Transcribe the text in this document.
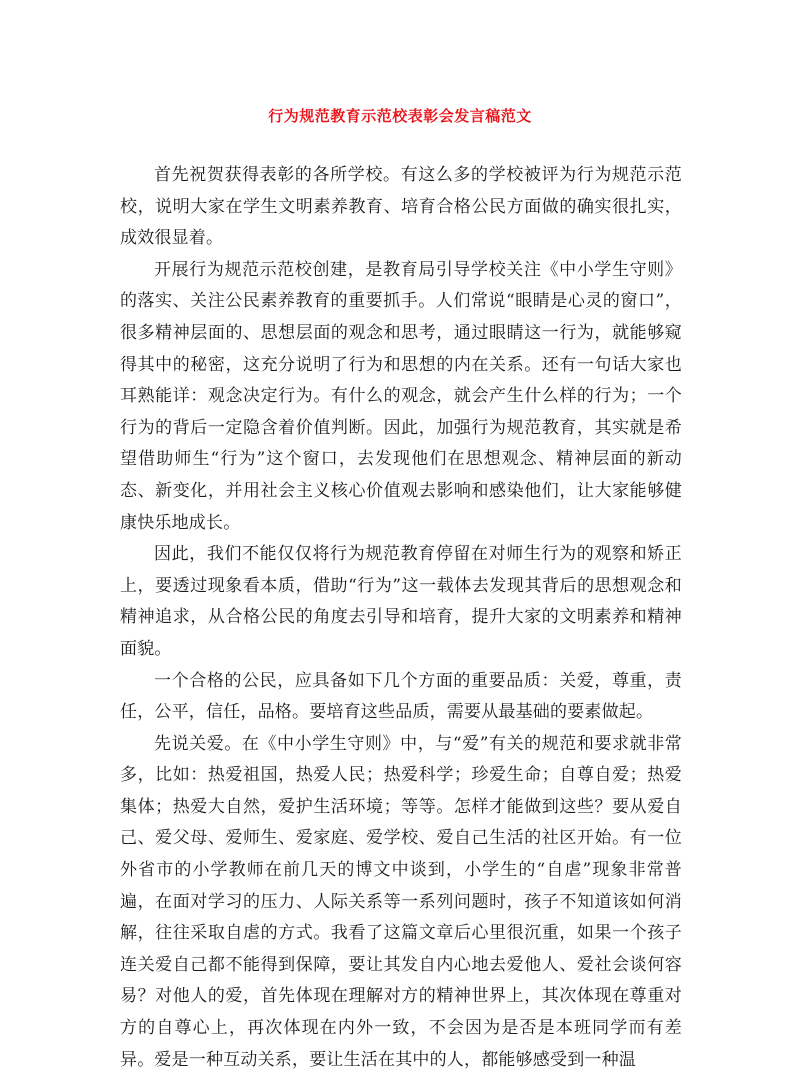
行为规范教育示范校表彰会发言稿范文

首先祝贺获得表彰的各所学校。有这么多的学校被评为行为规范示范校，说明大家在学生文明素养教育、培育合格公民方面做的确实很扎实，成效很显着。

开展行为规范示范校创建，是教育局引导学校关注《中小学生守则》的落实、关注公民素养教育的重要抓手。人们常说“眼睛是心灵的窗口”，很多精神层面的、思想层面的观念和思考，通过眼睛这一行为，就能够窥得其中的秘密，这充分说明了行为和思想的内在关系。还有一句话大家也耳熟能详：观念决定行为。有什么的观念，就会产生什么样的行为；一个行为的背后一定隐含着价值判断。因此，加强行为规范教育，其实就是希望借助师生“行为”这个窗口，去发现他们在思想观念、精神层面的新动态、新变化，并用社会主义核心价值观去影响和感染他们，让大家能够健康快乐地成长。

因此，我们不能仅仅将行为规范教育停留在对师生行为的观察和矫正上，要透过现象看本质，借助“行为”这一载体去发现其背后的思想观念和精神追求，从合格公民的角度去引导和培育，提升大家的文明素养和精神面貌。

一个合格的公民，应具备如下几个方面的重要品质：关爱，尊重，责任，公平，信任，品格。要培育这些品质，需要从最基础的要素做起。

先说关爱。在《中小学生守则》中，与“爱”有关的规范和要求就非常多，比如：热爱祖国，热爱人民；热爱科学；珍爱生命；自尊自爱；热爱集体；热爱大自然，爱护生活环境；等等。怎样才能做到这些？要从爱自己、爱父母、爱师生、爱家庭、爱学校、爱自己生活的社区开始。有一位外省市的小学教师在前几天的博文中谈到，小学生的“自虐”现象非常普遍，在面对学习的压力、人际关系等一系列问题时，孩子不知道该如何消解，往往采取自虐的方式。我看了这篇文章后心里很沉重，如果一个孩子连关爱自己都不能得到保障，要让其发自内心地去爱他人、爱社会谈何容易？对他人的爱，首先体现在理解对方的精神世界上，其次体现在尊重对方的自尊心上，再次体现在内外一致，不会因为是否是本班同学而有差异。爱是一种互动关系，要让生活在其中的人，都能够感受到一种温
